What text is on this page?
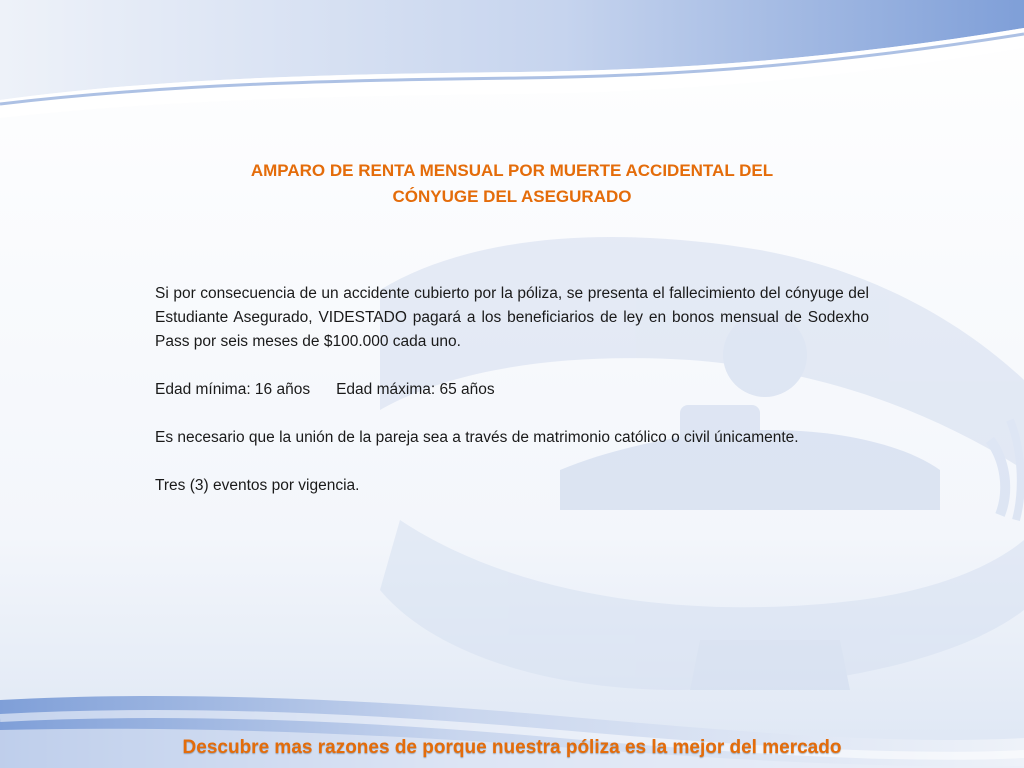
AMPARO DE RENTA MENSUAL POR MUERTE ACCIDENTAL DEL
CÓNYUGE DEL ASEGURADO

Si por consecuencia de un accidente cubierto por la póliza, se presenta el fallecimiento del cónyuge del Estudiante Asegurado, VIDESTADO pagará a los beneficiarios de ley en bonos mensual de Sodexho Pass por seis meses de $100.000 cada uno.

Edad mínima: 16 años Edad máxima: 65 años

Es necesario que la unión de la pareja sea a través de matrimonio católico o civil únicamente.

Tres (3) eventos por vigencia.

Descubre mas razones de porque nuestra póliza es la mejor del mercado
